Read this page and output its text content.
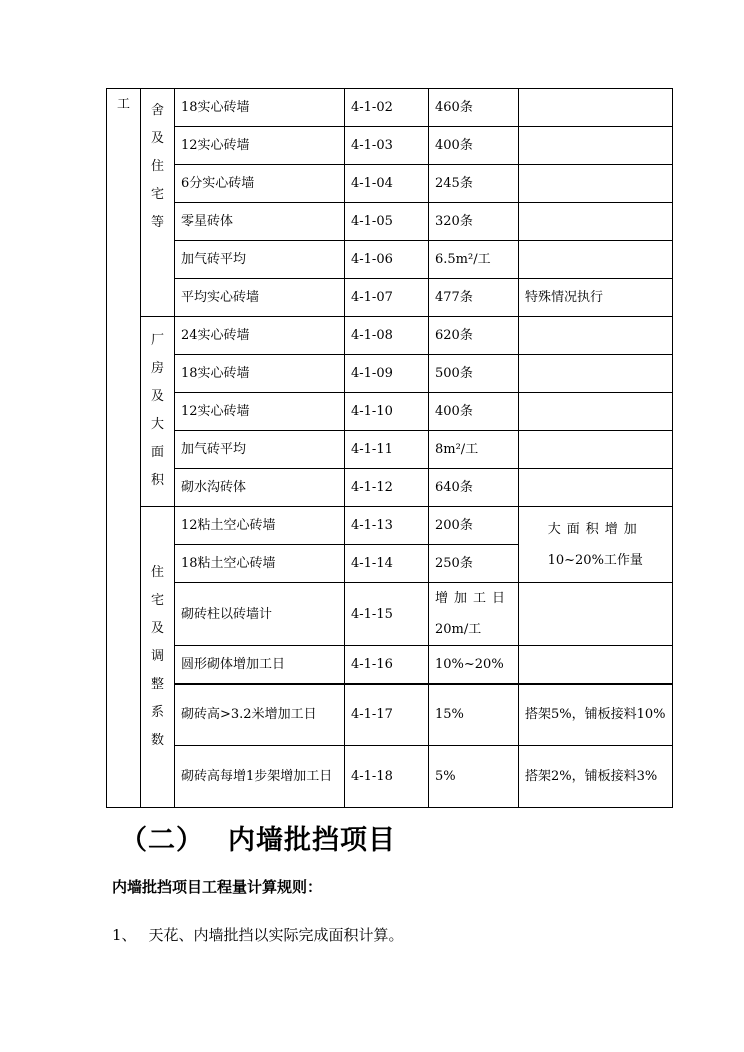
工	舍及住宅等	18实心砖墙	4-1-02	460条	
		12实心砖墙	4-1-03	400条	
		6分实心砖墙	4-1-04	245条	
		零星砖体	4-1-05	320条	
		加气砖平均	4-1-06	6.5m²/工	
		平均实心砖墙	4-1-07	477条	特殊情况执行
	厂房及大面积	24实心砖墙	4-1-08	620条	
		18实心砖墙	4-1-09	500条	
		12实心砖墙	4-1-10	400条	
		加气砖平均	4-1-11	8m²/工	
		砌水沟砖体	4-1-12	640条	
	住宅及调整系数	12粘土空心砖墙	4-1-13	200条	大面积增加
10~20%工作量

		18粘土空心砖墙	4-1-14	250条	
		砌砖柱以砖墙计	4-1-15	增加工日
20m/工	

		圆形砌体增加工日	4-1-16	10%~20%	
		砌砖高>3.2米增加工日	4-1-17	15%	搭架5%，铺板接料10%
		砌砖高每增1步架增加工日	4-1-18	5%	搭架2%，铺板接料3%
（二） 内墙批挡项目

内墙批挡项目工程量计算规则：

1、 天花、内墙批挡以实际完成面积计算。
